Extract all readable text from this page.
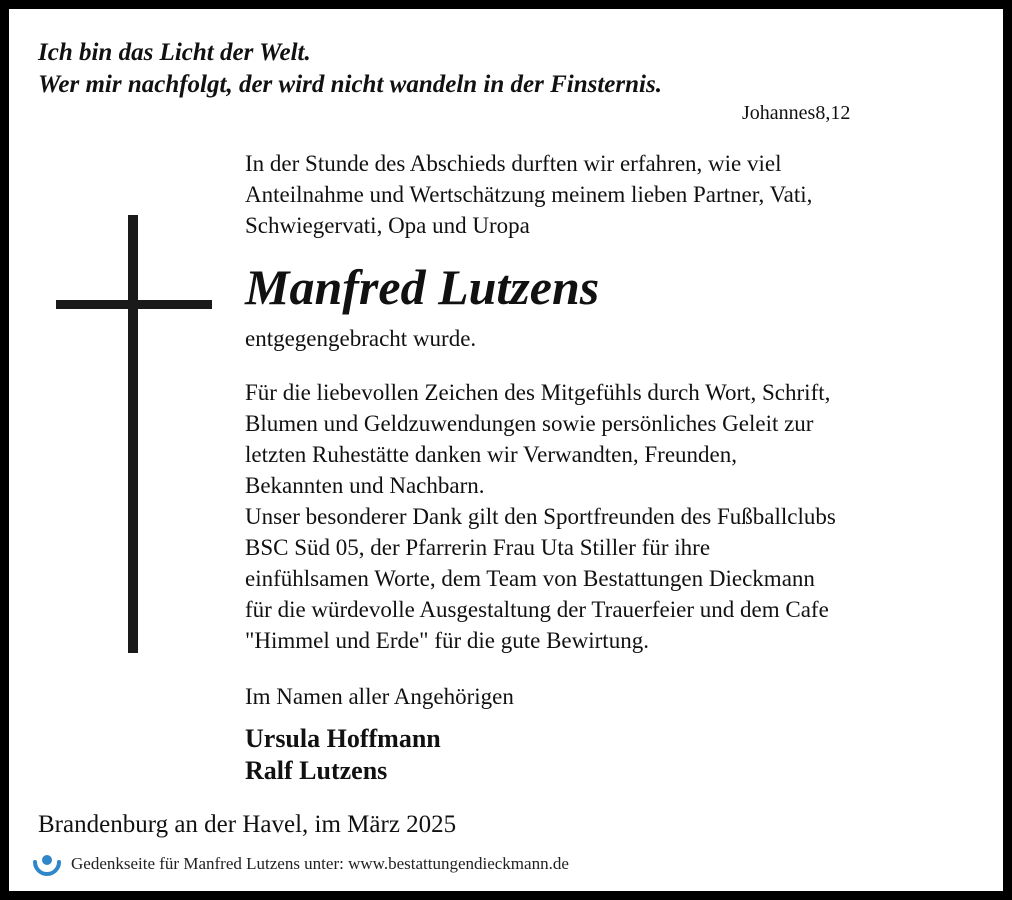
Ich bin das Licht der Welt.
Wer mir nachfolgt, der wird nicht wandeln in der Finsternis.
Johannes8,12
In der Stunde des Abschieds durften wir erfahren, wie viel
Anteilnahme und Wertschätzung meinem lieben Partner, Vati,
Schwiegervati, Opa und Uropa
Manfred Lutzens
entgegengebracht wurde.
Für die liebevollen Zeichen des Mitgefühls durch Wort, Schrift,
Blumen und Geldzuwendungen sowie persönliches Geleit zur
letzten Ruhestätte danken wir Verwandten, Freunden,
Bekannten und Nachbarn.
Unser besonderer Dank gilt den Sportfreunden des Fußballclubs
BSC Süd 05, der Pfarrerin Frau Uta Stiller für ihre
einfühlsamen Worte, dem Team von Bestattungen Dieckmann
für die würdevolle Ausgestaltung der Trauerfeier und dem Cafe
"Himmel und Erde" für die gute Bewirtung.
Im Namen aller Angehörigen
Ursula Hoffmann
Ralf Lutzens
Brandenburg an der Havel, im März 2025
Gedenkseite für Manfred Lutzens unter: www.bestattungendieckmann.de
